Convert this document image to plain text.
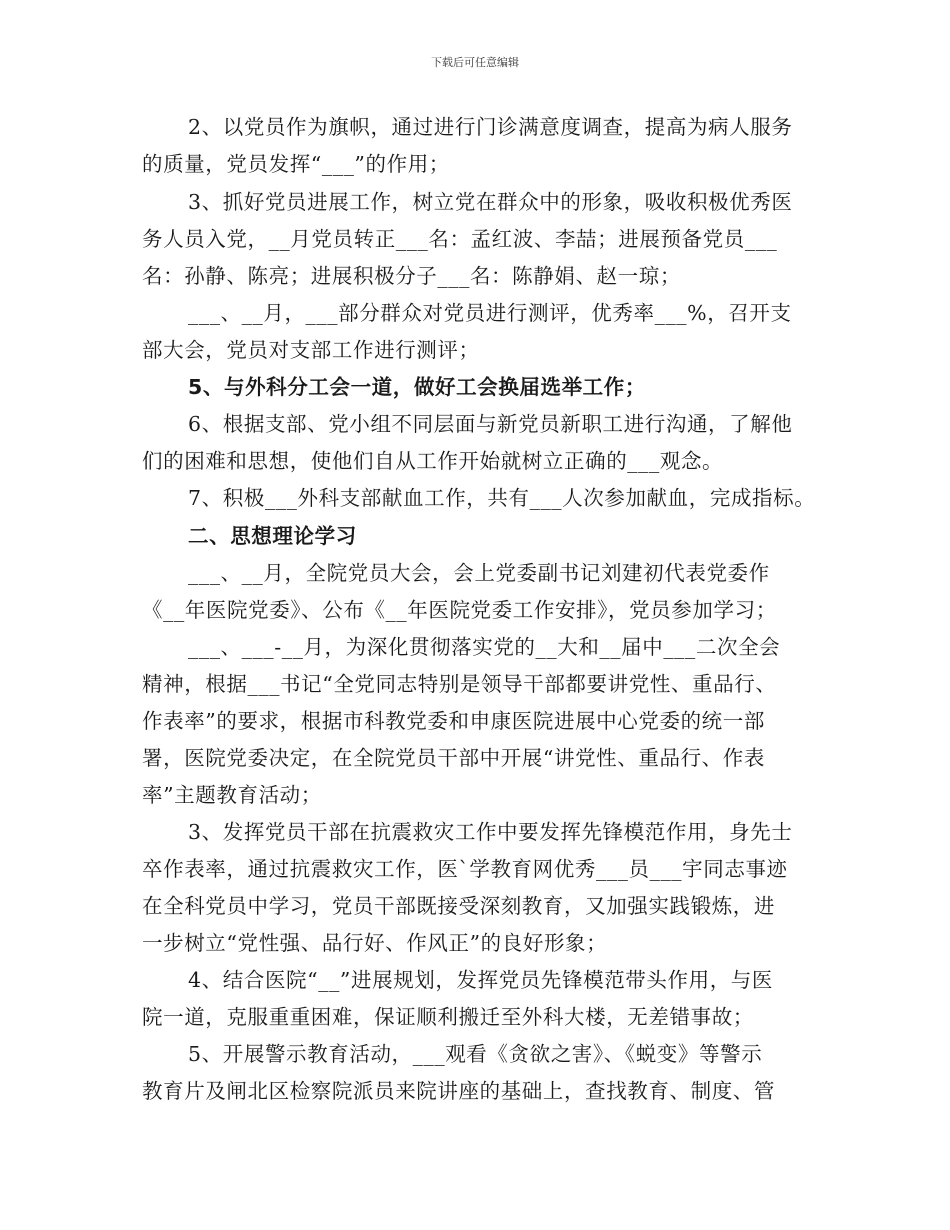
下载后可任意编辑
2、以党员作为旗帜，通过进行门诊满意度调查，提高为病人服务
的质量，党员发挥“___”的作用；
3、抓好党员进展工作，树立党在群众中的形象，吸收积极优秀医
务人员入党，__月党员转正___名：孟红波、李喆；进展预备党员___
名：孙静、陈亮；进展积极分子___名：陈静娟、赵一琼；
___、__月，___部分群众对党员进行测评，优秀率___%，召开支
部大会，党员对支部工作进行测评；
5、与外科分工会一道，做好工会换届选举工作；
6、根据支部、党小组不同层面与新党员新职工进行沟通，了解他
们的困难和思想，使他们自从工作开始就树立正确的___观念。
7、积极___外科支部献血工作，共有___人次参加献血，完成指标。
二、思想理论学习
___、__月，全院党员大会，会上党委副书记刘建初代表党委作
《__年医院党委》、公布《__年医院党委工作安排》，党员参加学习；
___、___-__月，为深化贯彻落实党的__大和__届中___二次全会
精神，根据___书记“全党同志特别是领导干部都要讲党性、重品行、
作表率”的要求，根据市科教党委和申康医院进展中心党委的统一部
署，医院党委决定，在全院党员干部中开展“讲党性、重品行、作表
率”主题教育活动；
3、发挥党员干部在抗震救灾工作中要发挥先锋模范作用，身先士
卒作表率，通过抗震救灾工作，医`学教育网优秀___员___宇同志事迹
在全科党员中学习，党员干部既接受深刻教育，又加强实践锻炼，进
一步树立“党性强、品行好、作风正”的良好形象；
4、结合医院“__”进展规划，发挥党员先锋模范带头作用，与医
院一道，克服重重困难，保证顺利搬迁至外科大楼，无差错事故；
5、开展警示教育活动，___观看《贪欲之害》、《蜕变》等警示
教育片及闸北区检察院派员来院讲座的基础上，查找教育、制度、管
